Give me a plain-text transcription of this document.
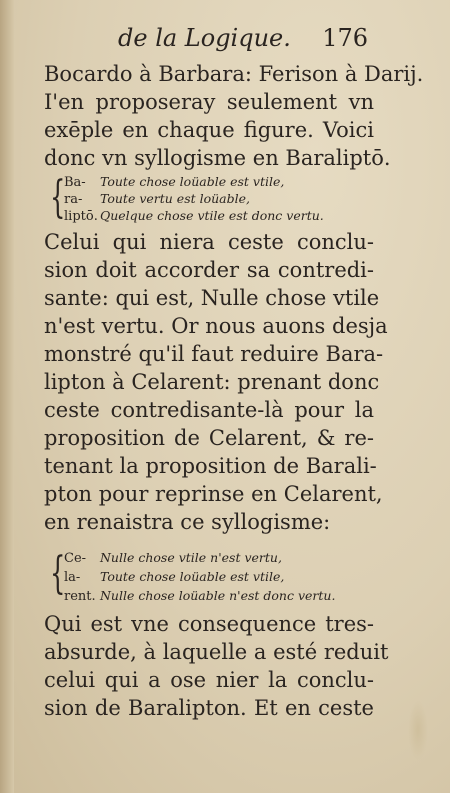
de la Logique. 176
Bocardo à Barbara: Ferison à Darij.
I'en proposeray seulement vn
exēple en chaque figure. Voici
donc vn syllogisme en Baraliptō.
{
Ba- Toute chose loüable est vtile,
ra- Toute vertu est loüable,
liptō. Quelque chose vtile est donc vertu.
Celui qui niera ceste conclu-
sion doit accorder sa contredi-
sante: qui est, Nulle chose vtile
n'est vertu. Or nous auons desja
monstré qu'il faut reduire Bara-
lipton à Celarent: prenant donc
ceste contredisante-là pour la
proposition de Celarent, & re-
tenant la proposition de Barali-
pton pour reprinse en Celarent,
en renaistra ce syllogisme:
{
Ce- Nulle chose vtile n'est vertu,
la- Toute chose loüable est vtile,
rent. Nulle chose loüable n'est donc vertu.
Qui est vne consequence tres-
absurde, à laquelle a esté reduit
celui qui a ose nier la conclu-
sion de Baralipton. Et en ceste
